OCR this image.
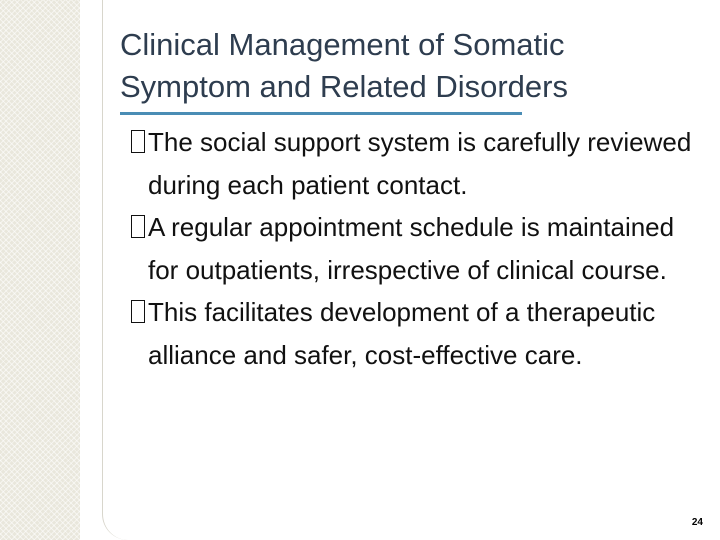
Clinical Management of Somatic
Symptom and Related Disorders
The social support system is carefully reviewed during each patient contact.
A regular appointment schedule is maintained for outpatients, irrespective of clinical course.
This facilitates development of a therapeutic alliance and safer, cost-effective care.
24
